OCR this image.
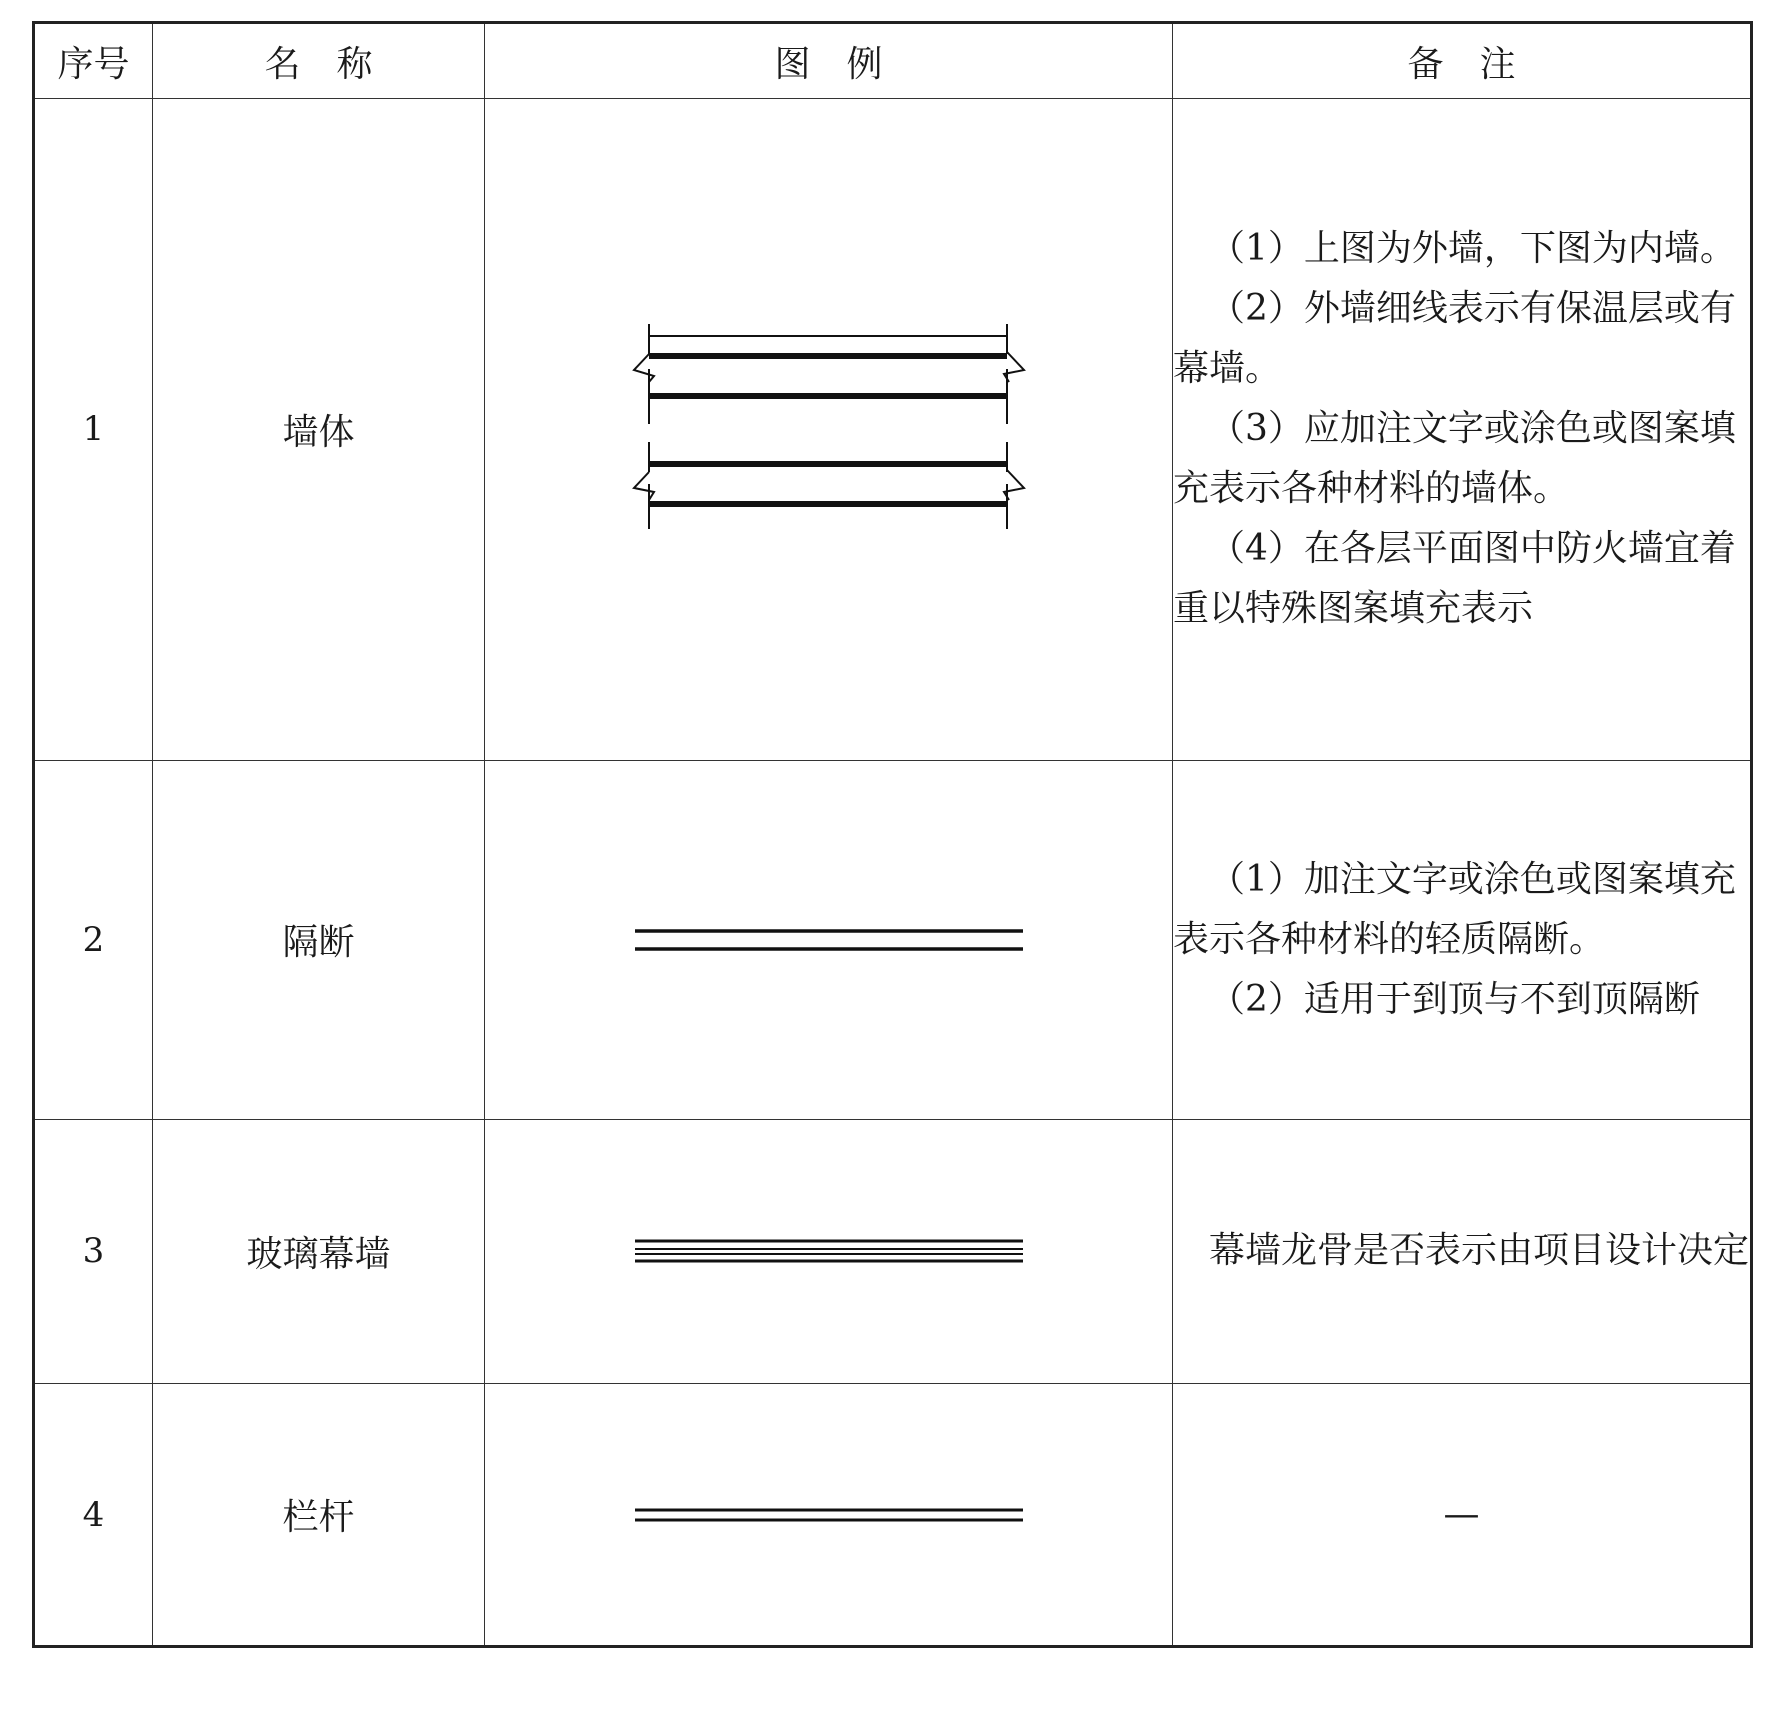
序号	名　称	图　例	备　注
1	墙体		（1）上图为外墙，下图为内墙。

（2）外墙细线表示有保温层或有幕墙。

（3）应加注文字或涂色或图案填充表示各种材料的墙体。

（4）在各层平面图中防火墙宜着重以特殊图案填充表示

2	隔断		（1）加注文字或涂色或图案填充表示各种材料的轻质隔断。

（2）适用于到顶与不到顶隔断

3	玻璃幕墙		幕墙龙骨是否表示由项目设计决定

4	栏杆		—
